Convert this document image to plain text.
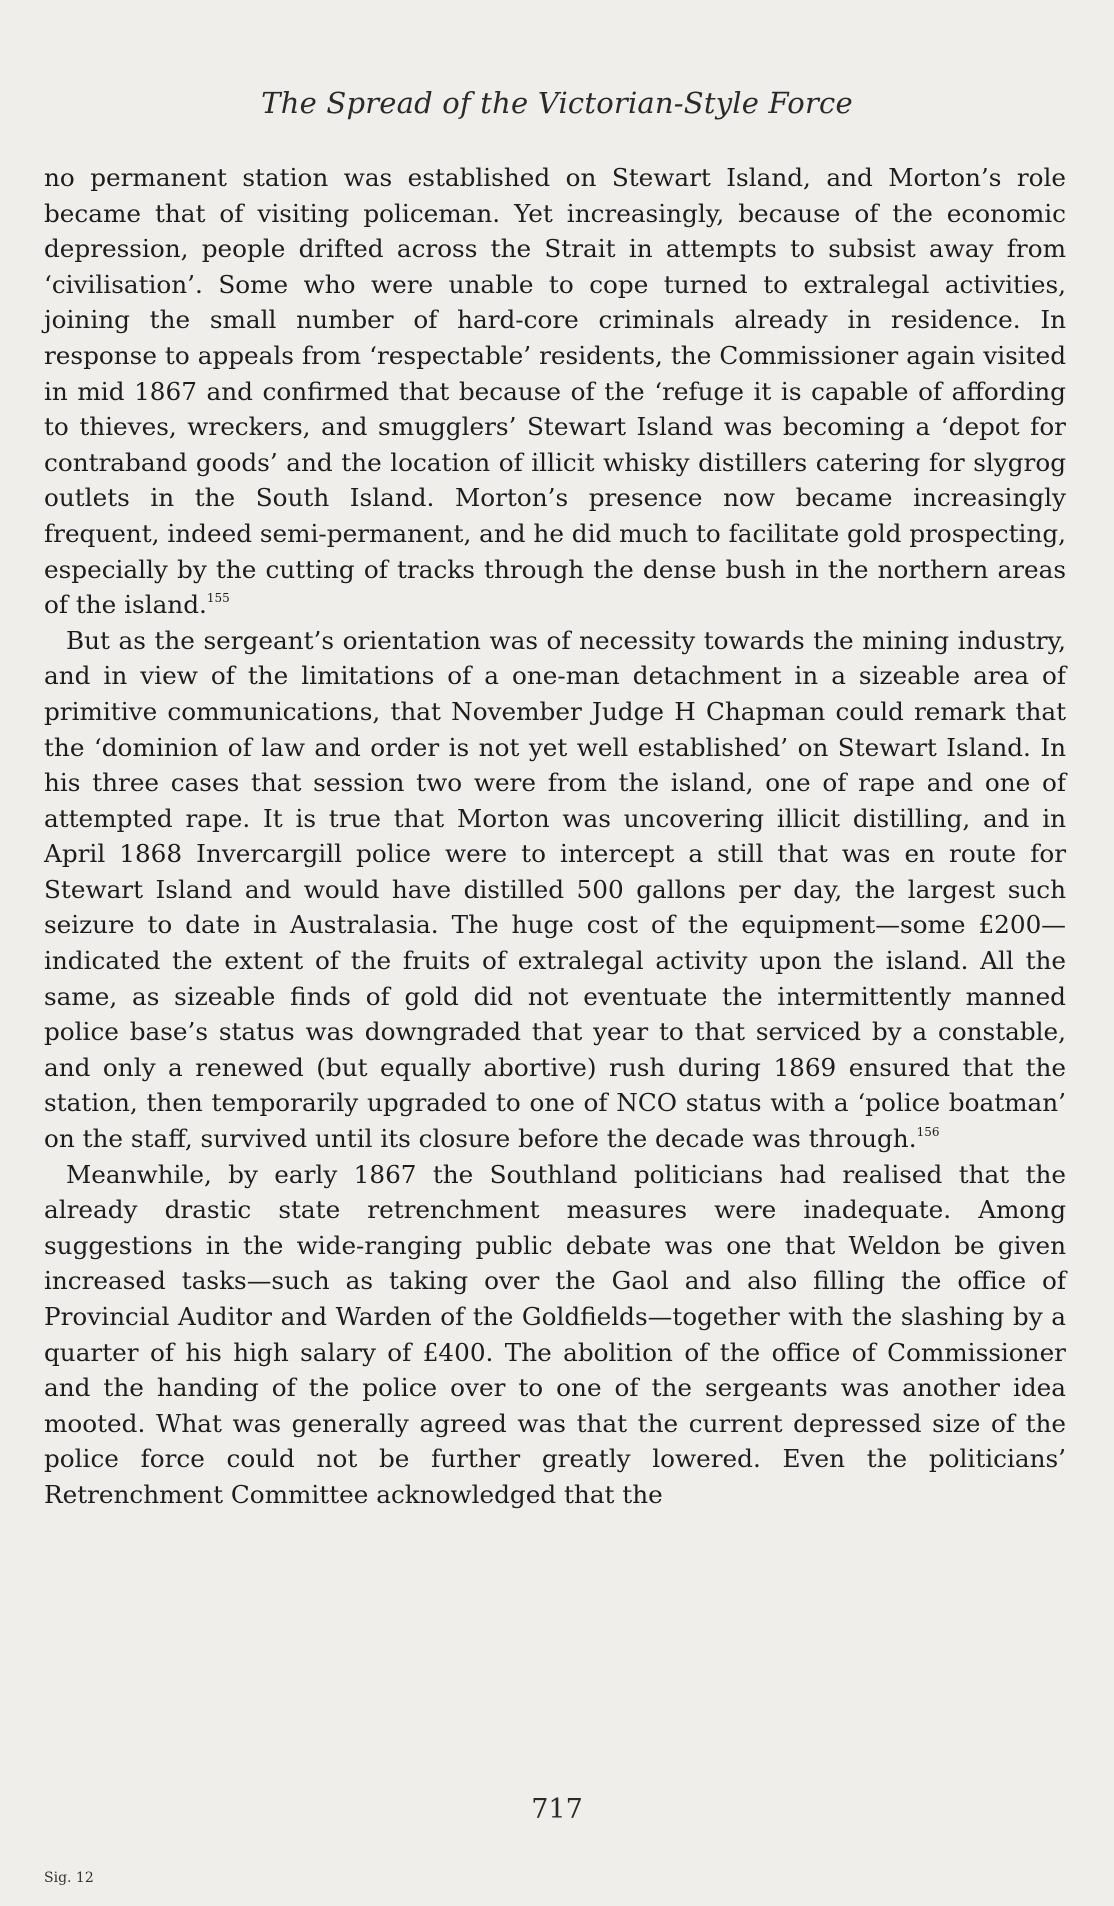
The Spread of the Victorian-Style Force

no permanent station was established on Stewart Island, and Morton’s role became that of visiting policeman. Yet increasingly, because of the economic depression, people drifted across the Strait in attempts to subsist away from ‘civilisation’. Some who were unable to cope turned to extralegal activities, joining the small number of hard-core criminals already in residence. In response to appeals from ‘respectable’ residents, the Commissioner again visited in mid 1867 and confirmed that because of the ‘refuge it is capable of affording to thieves, wreckers, and smugglers’ Stewart Island was becoming a ‘depot for contraband goods’ and the location of illicit whisky distillers catering for slygrog outlets in the South Island. Morton’s presence now became increasingly frequent, indeed semi-permanent, and he did much to facilitate gold prospecting, especially by the cutting of tracks through the dense bush in the northern areas of the island.$^{155}$

But as the sergeant’s orientation was of necessity towards the mining industry, and in view of the limitations of a one-man detachment in a sizeable area of primitive communications, that November Judge H Chapman could remark that the ‘dominion of law and order is not yet well established’ on Stewart Island. In his three cases that session two were from the island, one of rape and one of attempted rape. It is true that Morton was uncovering illicit distilling, and in April 1868 Invercargill police were to intercept a still that was en route for Stewart Island and would have distilled 500 gallons per day, the largest such seizure to date in Australasia. The huge cost of the equipment—some £200—indicated the extent of the fruits of extralegal activity upon the island. All the same, as sizeable finds of gold did not eventuate the intermittently manned police base’s status was downgraded that year to that serviced by a constable, and only a renewed (but equally abortive) rush during 1869 ensured that the station, then temporarily upgraded to one of NCO status with a ‘police boatman’ on the staff, survived until its closure before the decade was through.$^{156}$

Meanwhile, by early 1867 the Southland politicians had realised that the already drastic state retrenchment measures were inadequate. Among suggestions in the wide-ranging public debate was one that Weldon be given increased tasks—such as taking over the Gaol and also filling the office of Provincial Auditor and Warden of the Goldfields—together with the slashing by a quarter of his high salary of £400. The abolition of the office of Commissioner and the handing of the police over to one of the sergeants was another idea mooted. What was generally agreed was that the current depressed size of the police force could not be further greatly lowered. Even the politicians’ Retrenchment Committee acknowledged that the

717
Sig. 12
